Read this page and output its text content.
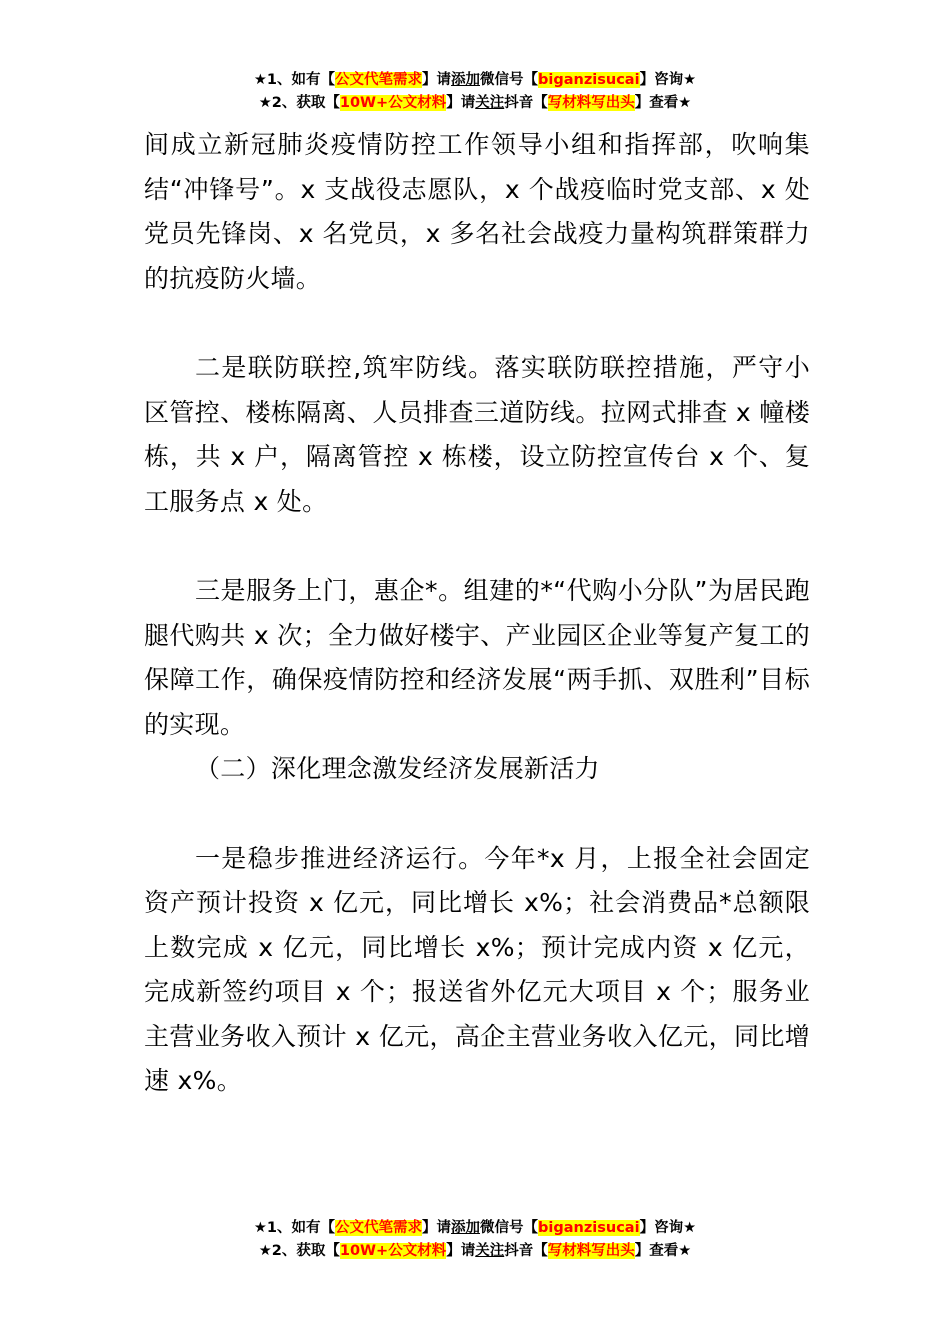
★1、如有【公文代笔需求】请添加微信号【biganzisucai】咨询★
★2、获取【10W+公文材料】请关注抖音【写材料写出头】查看★

间成立新冠肺炎疫情防控工作领导小组和指挥部，吹响集结“冲锋号”。x 支战役志愿队，x 个战疫临时党支部、x 处党员先锋岗、x 名党员，x 多名社会战疫力量构筑群策群力的抗疫防火墙。

二是联防联控,筑牢防线。落实联防联控措施，严守小区管控、楼栋隔离、人员排查三道防线。拉网式排查 x 幢楼栋，共 x 户，隔离管控 x 栋楼，设立防控宣传台 x 个、复工服务点 x 处。

三是服务上门，惠企*。组建的*“代购小分队”为居民跑腿代购共 x 次；全力做好楼宇、产业园区企业等复产复工的保障工作，确保疫情防控和经济发展“两手抓、双胜利”目标的实现。

（二）深化理念激发经济发展新活力

一是稳步推进经济运行。今年*x 月，上报全社会固定资产预计投资 x 亿元，同比增长 x%；社会消费品*总额限上数完成 x 亿元，同比增长 x%；预计完成内资 x 亿元，完成新签约项目 x 个；报送省外亿元大项目 x 个；服务业主营业务收入预计 x 亿元，高企主营业务收入亿元，同比增速 x%。

★1、如有【公文代笔需求】请添加微信号【biganzisucai】咨询★
★2、获取【10W+公文材料】请关注抖音【写材料写出头】查看★
